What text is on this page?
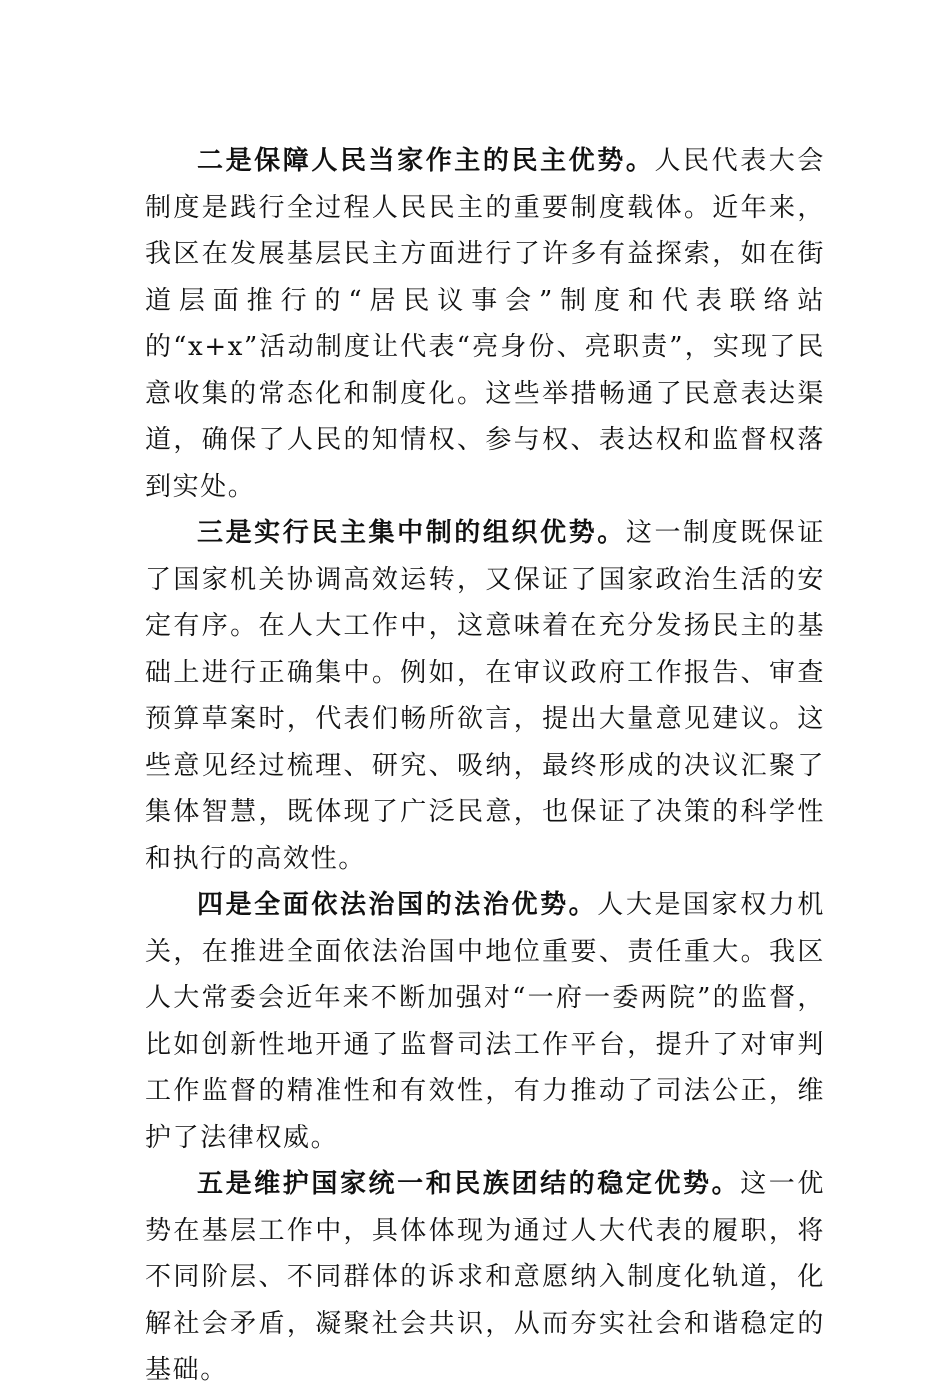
二是保障人民当家作主的民主优势。人民代表大会制度是践行全过程人民民主的重要制度载体。近年来，我区在发展基层民主方面进行了许多有益探索，如在街道层面推行的“居民议事会”制度和代表联络站的“x+x”活动制度让代表“亮身份、亮职责”，实现了民意收集的常态化和制度化。这些举措畅通了民意表达渠道，确保了人民的知情权、参与权、表达权和监督权落到实处。

三是实行民主集中制的组织优势。这一制度既保证了国家机关协调高效运转，又保证了国家政治生活的安定有序。在人大工作中，这意味着在充分发扬民主的基础上进行正确集中。例如，在审议政府工作报告、审查预算草案时，代表们畅所欲言，提出大量意见建议。这些意见经过梳理、研究、吸纳，最终形成的决议汇聚了集体智慧，既体现了广泛民意，也保证了决策的科学性和执行的高效性。

四是全面依法治国的法治优势。人大是国家权力机关，在推进全面依法治国中地位重要、责任重大。我区人大常委会近年来不断加强对“一府一委两院”的监督，比如创新性地开通了监督司法工作平台，提升了对审判工作监督的精准性和有效性，有力推动了司法公正，维护了法律权威。

五是维护国家统一和民族团结的稳定优势。这一优势在基层工作中，具体体现为通过人大代表的履职，将不同阶层、不同群体的诉求和意愿纳入制度化轨道，化解社会矛盾，凝聚社会共识，从而夯实社会和谐稳定的基础。
